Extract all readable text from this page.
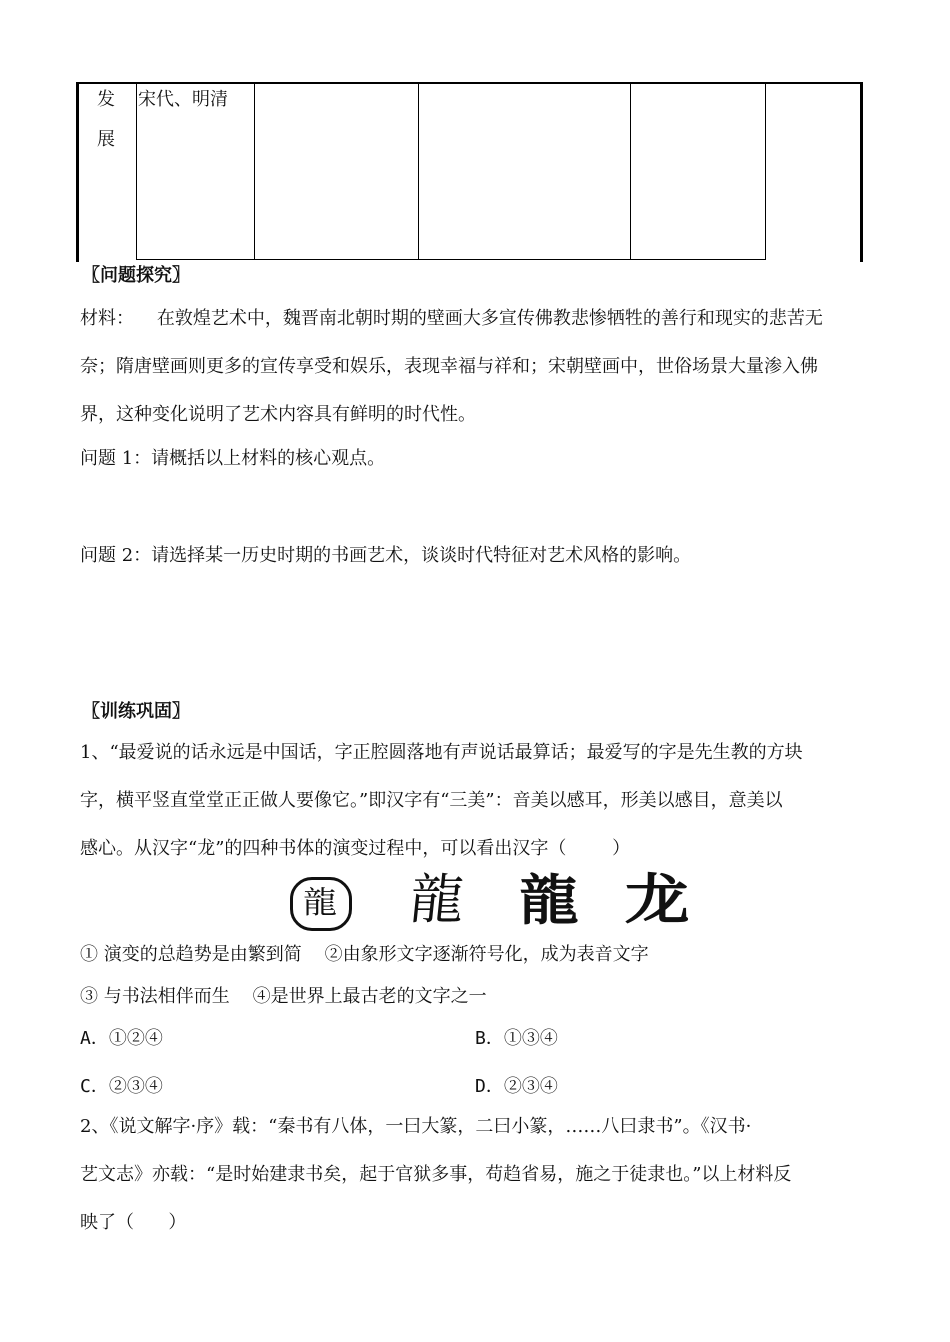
发
展
宋代、明清
〖问题探究〗
材料：    在敦煌艺术中，魏晋南北朝时期的壁画大多宣传佛教悲惨牺牲的善行和现实的悲苦无
奈；隋唐壁画则更多的宣传享受和娱乐，表现幸福与祥和；宋朝壁画中，世俗场景大量渗入佛
界，这种变化说明了艺术内容具有鲜明的时代性。
问题 1：请概括以上材料的核心观点。
问题 2：请选择某一历史时期的书画艺术，谈谈时代特征对艺术风格的影响。
〖训练巩固〗
1、“最爱说的话永远是中国话，字正腔圆落地有声说话最算话；最爱写的字是先生教的方块
字，横平竖直堂堂正正做人要像它。”即汉字有“三美”：音美以感耳，形美以感目，意美以
感心。从汉字“龙”的四种书体的演变过程中，可以看出汉字（        ）
龍 龍 龍 龙
① 演变的总趋势是由繁到简    ②由象形文字逐渐符号化，成为表音文字
③ 与书法相伴而生    ④是世界上最古老的文字之一
A．①②④	B．①③④
C．②③④	D．②③④
2、《说文解字·序》载：“秦书有八体，一曰大篆，二曰小篆，……八曰隶书”。《汉书·
艺文志》亦载：“是时始建隶书矣，起于官狱多事，苟趋省易，施之于徒隶也。”以上材料反
映了（      ）
